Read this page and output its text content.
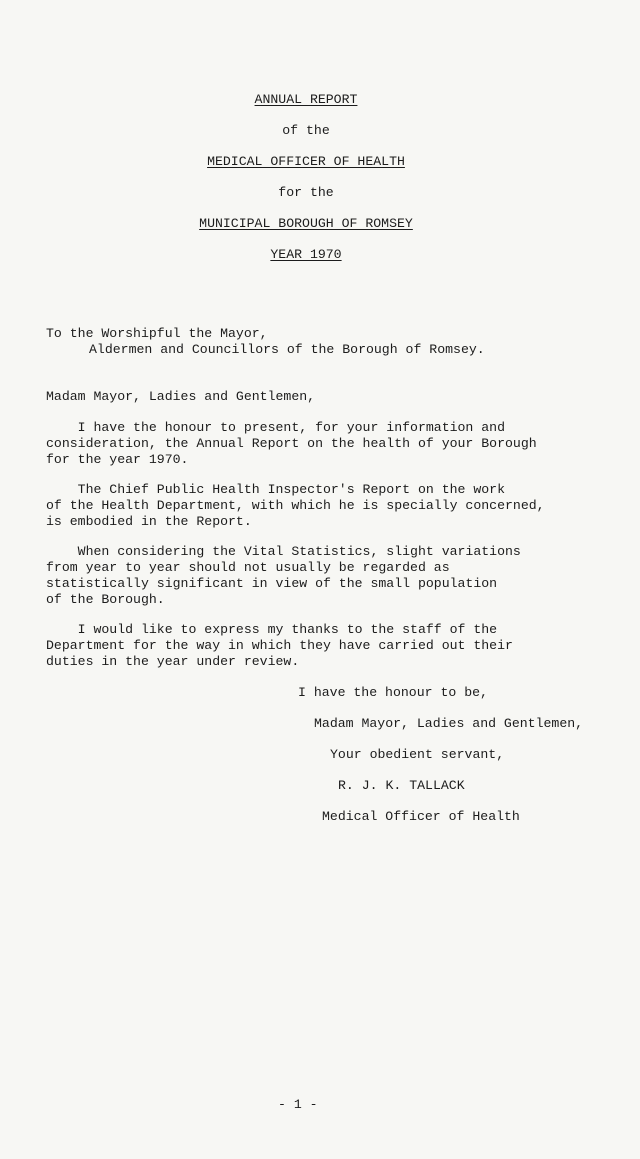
ANNUAL REPORT

of the

MEDICAL OFFICER OF HEALTH

for the

MUNICIPAL BOROUGH OF ROMSEY

YEAR 1970

To the Worshipful the Mayor,

Aldermen and Councillors of the Borough of Romsey.

Madam Mayor, Ladies and Gentlemen,

I have the honour to present, for your information and

consideration, the Annual Report on the health of your Borough

for the year 1970.

The Chief Public Health Inspector's Report on the work

of the Health Department, with which he is specially concerned,

is embodied in the Report.

When considering the Vital Statistics, slight variations

from year to year should not usually be regarded as

statistically significant in view of the small population

of the Borough.

I would like to express my thanks to the staff of the

Department for the way in which they have carried out their

duties in the year under review.

I have the honour to be,

Madam Mayor, Ladies and Gentlemen,

Your obedient servant,

R. J. K. TALLACK

Medical Officer of Health

- 1 -
